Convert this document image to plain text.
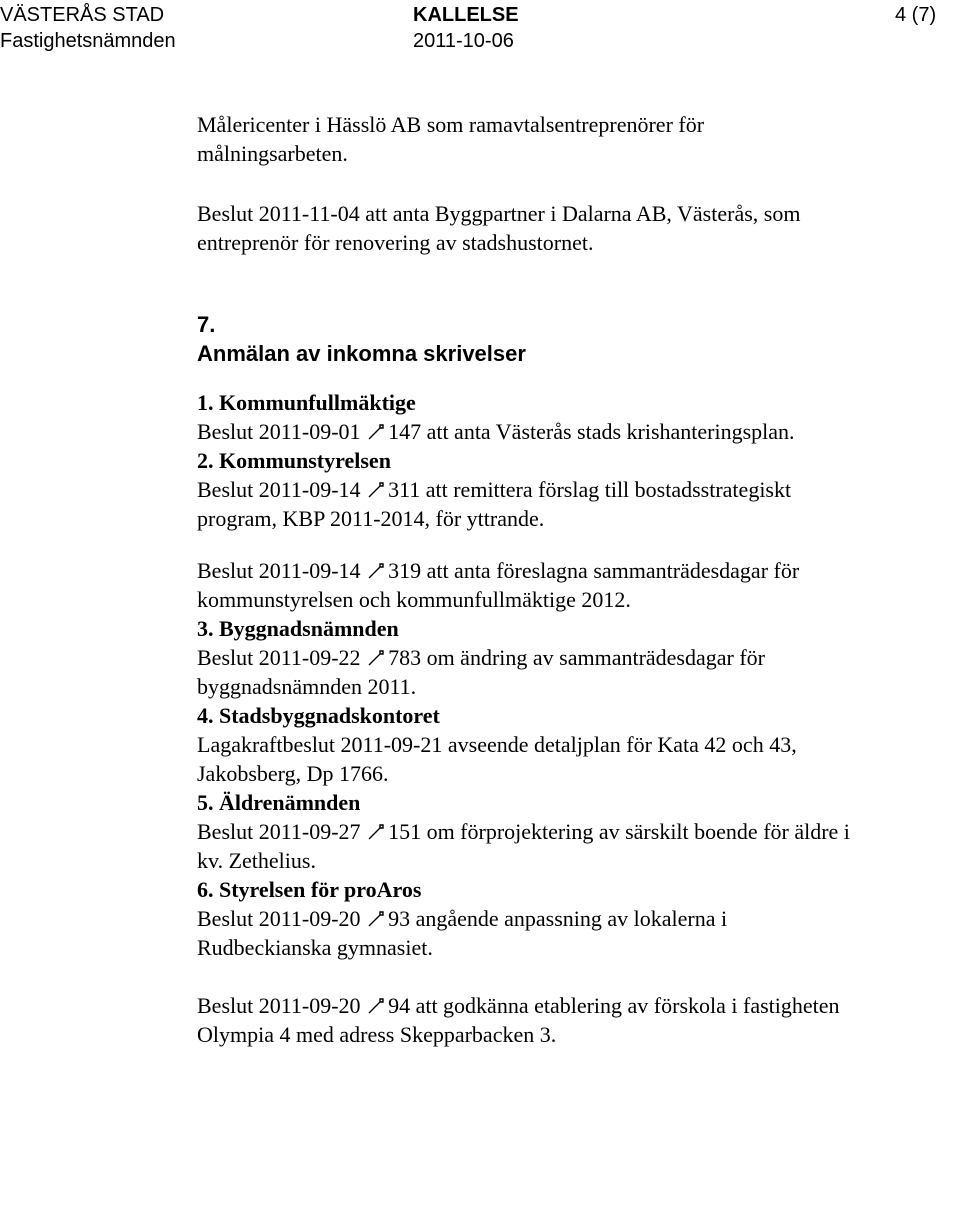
VÄSTERÅS STAD
Fastighetsnämnden
KALLELSE
2011-10-06
4 (7)

Målericenter i Hässlö AB som ramavtalsentreprenörer för
målningsarbeten.

Beslut 2011-11-04 att anta Byggpartner i Dalarna AB, Västerås, som
entreprenör för renovering av stadshustornet.

7.

Anmälan av inkomna skrivelser

1. Kommunfullmäktige

Beslut 2011-09-01 147 att anta Västerås stads krishanteringsplan.

2. Kommunstyrelsen

Beslut 2011-09-14 311 att remittera förslag till bostadsstrategiskt
program, KBP 2011-2014, för yttrande.

Beslut 2011-09-14 319 att anta föreslagna sammanträdesdagar för
kommunstyrelsen och kommunfullmäktige 2012.

3. Byggnadsnämnden

Beslut 2011-09-22 783 om ändring av sammanträdesdagar för
byggnadsnämnden 2011.

4. Stadsbyggnadskontoret

Lagakraftbeslut 2011-09-21 avseende detaljplan för Kata 42 och 43,
Jakobsberg, Dp 1766.

5. Äldrenämnden

Beslut 2011-09-27 151 om förprojektering av särskilt boende för äldre i
kv. Zethelius.

6. Styrelsen för proAros

Beslut 2011-09-20 93 angående anpassning av lokalerna i
Rudbeckianska gymnasiet.

Beslut 2011-09-20 94 att godkänna etablering av förskola i fastigheten
Olympia 4 med adress Skepparbacken 3.
